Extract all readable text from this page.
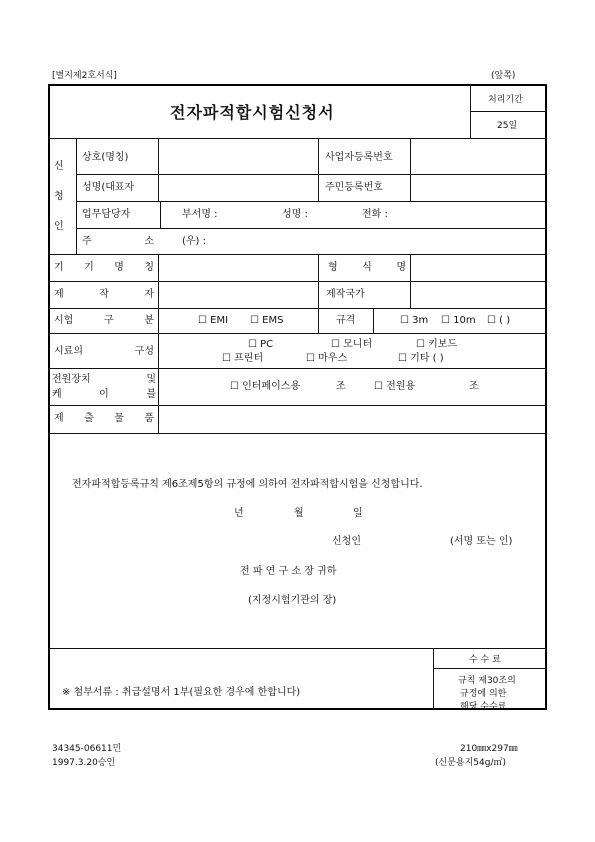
[별지제2호서식]	(앞쪽)
전자파적합시험신청서
처리기간
25일
신
청
인
상호(명칭)	사업자등록번호
성명(대표자	주민등록번호
업무담당자	부서명 :	성명 :	전화 :
주	소	(우) :
기 기 명 칭	형 식 명
제	작	자	제작국가
시험	구	분	☐ EMI ☐ EMS	규격	☐ 3m ☐ 10m ☐ ( )
시료의	구성
☐ PC	☐ 모니터	☐ 키보드
☐ 프린터	☐ 마우스	☐ 기타 ( )
전원장치	및
케	이	블
☐ 인터페이스용	조	☐ 전원용	조
제 출 물 품
전자파적합등록규칙 제6조제5항의 규정에 의하여 전자파적합시험을 신청합니다.
년	월	일
신청인	(서명 또는 인)
전 파 연 구 소 장 귀하
(지정시험기관의 장)
※ 첨부서류 : 취급설명서 1부(필요한 경우에 한합니다)
수 수 료
규칙 제30조의
규정에 의한
해당 수수료
34345-06611민
1997.3.20승인
210㎜x297㎜
(신문용지54g/㎡)
